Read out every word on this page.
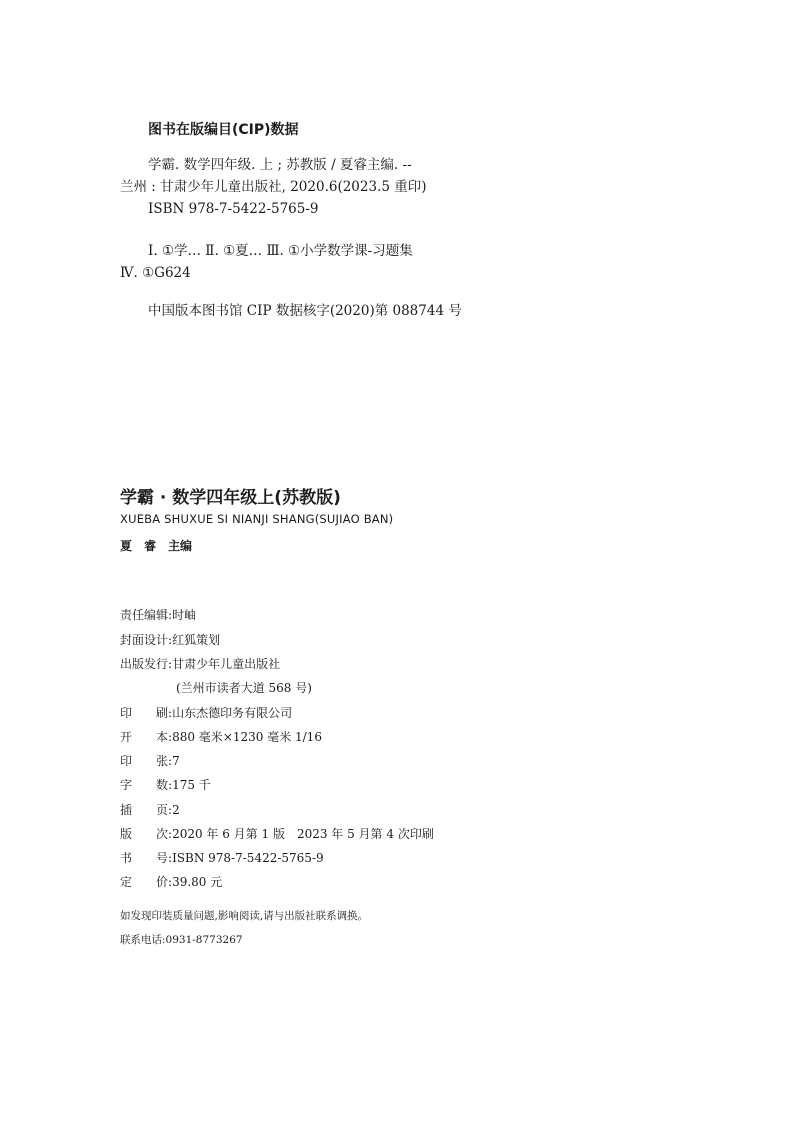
图书在版编目(CIP)数据
学霸. 数学四年级. 上 ; 苏教版 / 夏睿主编. --
兰州 : 甘肃少年儿童出版社, 2020.6(2023.5 重印)
ISBN 978-7-5422-5765-9
Ⅰ. ①学… Ⅱ. ①夏… Ⅲ. ①小学数学课-习题集
Ⅳ. ①G624
中国版本图书馆 CIP 数据核字(2020)第 088744 号
学霸 · 数学四年级上(苏教版)
XUEBA SHUXUE SI NIANJI SHANG(SUJIAO BAN)
夏　睿　主编
责任编辑:时岫
封面设计:红狐策划
出版发行:甘肃少年儿童出版社
(兰州市读者大道 568 号)
印　　刷:山东杰德印务有限公司
开　　本:880 毫米×1230 毫米 1/16
印　　张:7
字　　数:175 千
插　　页:2
版　　次:2020 年 6 月第 1 版　2023 年 5 月第 4 次印刷
书　　号:ISBN 978-7-5422-5765-9
定　　价:39.80 元
如发现印装质量问题,影响阅读,请与出版社联系调换。
联系电话:0931-8773267
